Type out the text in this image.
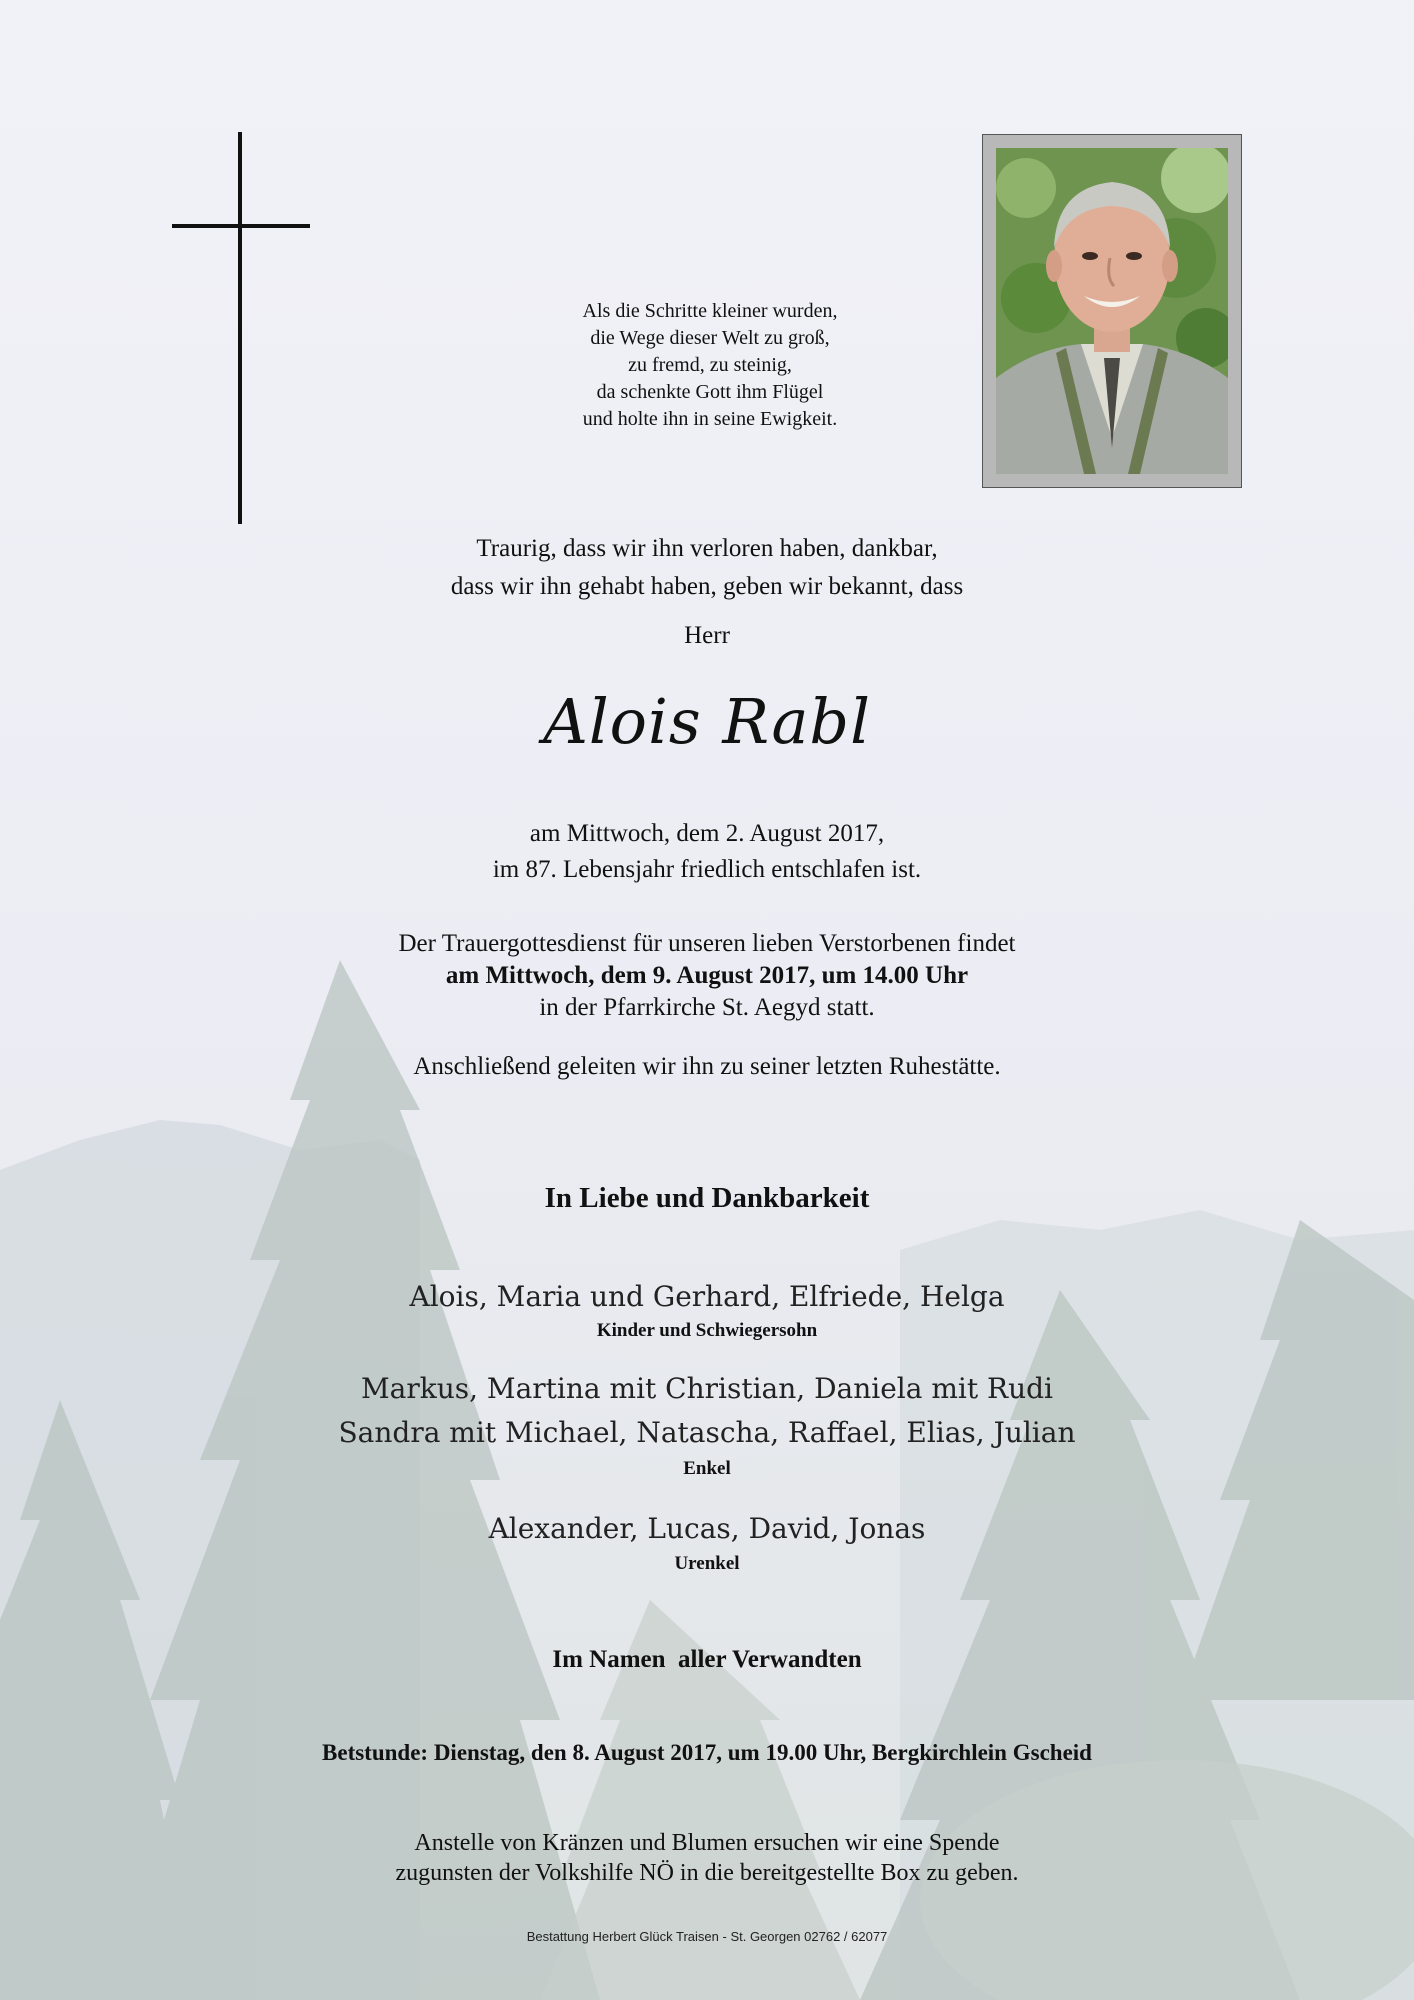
Als die Schritte kleiner wurden,
die Wege dieser Welt zu groß,
zu fremd, zu steinig,
da schenkte Gott ihm Flügel
und holte ihn in seine Ewigkeit.
Traurig, dass wir ihn verloren haben, dankbar,
dass wir ihn gehabt haben, geben wir bekannt, dass
Herr
Alois Rabl
am Mittwoch, dem 2. August 2017,
im 87. Lebensjahr friedlich entschlafen ist.
Der Trauergottesdienst für unseren lieben Verstorbenen findet
am Mittwoch, dem 9. August 2017, um 14.00 Uhr
in der Pfarrkirche St. Aegyd statt.
Anschließend geleiten wir ihn zu seiner letzten Ruhestätte.
In Liebe und Dankbarkeit
Alois, Maria und Gerhard, Elfriede, Helga
Kinder und Schwiegersohn
Markus, Martina mit Christian, Daniela mit Rudi
Sandra mit Michael, Natascha, Raffael, Elias, Julian
Enkel
Alexander, Lucas, David, Jonas
Urenkel
Im Namen  aller Verwandten
Betstunde: Dienstag, den 8. August 2017, um 19.00 Uhr, Bergkirchlein Gscheid
Anstelle von Kränzen und Blumen ersuchen wir eine Spende
zugunsten der Volkshilfe NÖ in die bereitgestellte Box zu geben.
Bestattung Herbert Glück Traisen - St. Georgen 02762 / 62077
